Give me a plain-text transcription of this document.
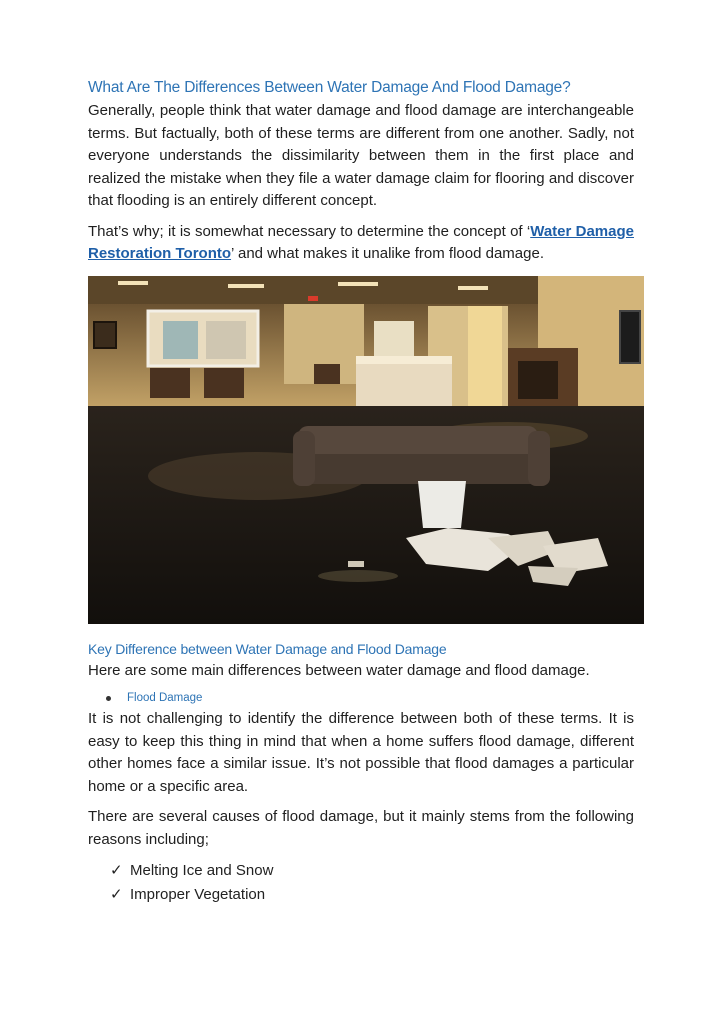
What Are The Differences Between Water Damage And Flood Damage?

Generally, people think that water damage and flood damage are interchangeable terms. But factually, both of these terms are different from one another. Sadly, not everyone understands the dissimilarity between them in the first place and realized the mistake when they file a water damage claim for flooring and discover that flooding is an entirely different concept.

That’s why; it is somewhat necessary to determine the concept of ‘Water Damage Restoration Toronto’ and what makes it unalike from flood damage.

Key Difference between Water Damage and Flood Damage

Here are some main differences between water damage and flood damage.

Flood Damage

It is not challenging to identify the difference between both of these terms. It is easy to keep this thing in mind that when a home suffers flood damage, different other homes face a similar issue. It’s not possible that flood damages a particular home or a specific area.

There are several causes of flood damage, but it mainly stems from the following reasons including;

✓ Melting Ice and Snow
✓ Improper Vegetation
